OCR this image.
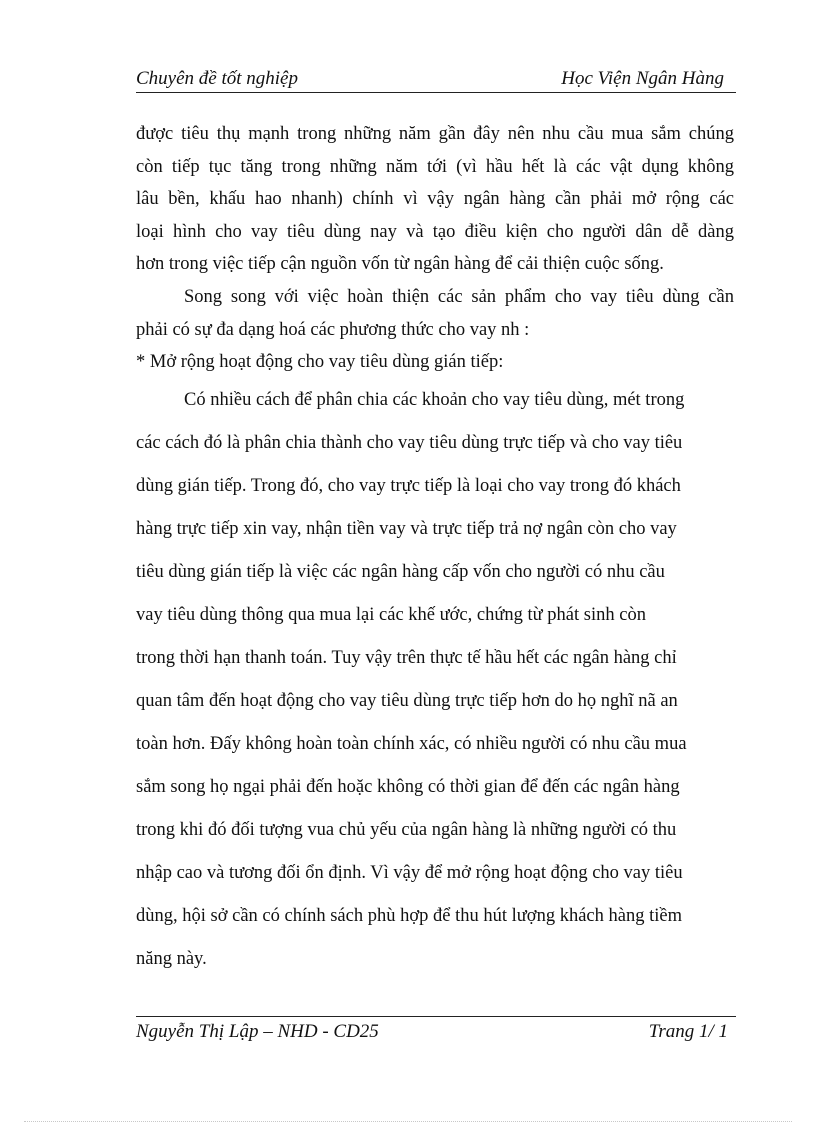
Chuyên đề tốt nghiệp	Học Viện Ngân Hàng
được tiêu thụ mạnh trong những năm gần đây nên nhu cầu mua sắm chúng
còn tiếp tục tăng trong những năm tới (vì hầu hết là các vật dụng không
lâu bền, khấu hao nhanh) chính vì vậy ngân hàng cần phải mở rộng các
loại hình cho vay tiêu dùng nay và tạo điều kiện cho người dân dễ dàng
hơn trong việc tiếp cận nguồn vốn từ ngân hàng để cải thiện cuộc sống.
Song song với việc hoàn thiện các sản phẩm cho vay tiêu dùng cần
phải có sự đa dạng hoá các phương thức cho vay nh :
* Mở rộng hoạt động cho vay tiêu dùng gián tiếp:
Có nhiều cách để phân chia các khoản cho vay tiêu dùng, mét trong
các cách đó là phân chia thành cho vay tiêu dùng trực tiếp và cho vay tiêu
dùng gián tiếp. Trong đó, cho vay trực tiếp là loại cho vay trong đó khách
hàng trực tiếp xin vay, nhận tiền vay và trực tiếp trả nợ ngân còn cho vay
tiêu dùng gián tiếp là việc các ngân hàng cấp vốn cho người có nhu cầu
vay tiêu dùng thông qua mua lại các khế ước, chứng từ phát sinh còn
trong thời hạn thanh toán. Tuy vậy trên thực tế hầu hết các ngân hàng chỉ
quan tâm đến hoạt động cho vay tiêu dùng trực tiếp hơn do họ nghĩ nã an
toàn hơn. Đấy không hoàn toàn chính xác, có nhiều người có nhu cầu mua
sắm song họ ngại phải đến hoặc không có thời gian để đến các ngân hàng
trong khi đó đối tượng vua chủ yếu của ngân hàng là những người có thu
nhập cao và tương đối ổn định. Vì vậy để mở rộng hoạt động cho vay tiêu
dùng, hội sở cần có chính sách phù hợp để thu hút lượng khách hàng tiềm
năng này.
Nguyễn Thị Lập – NHD - CD25	Trang 1/ 1
